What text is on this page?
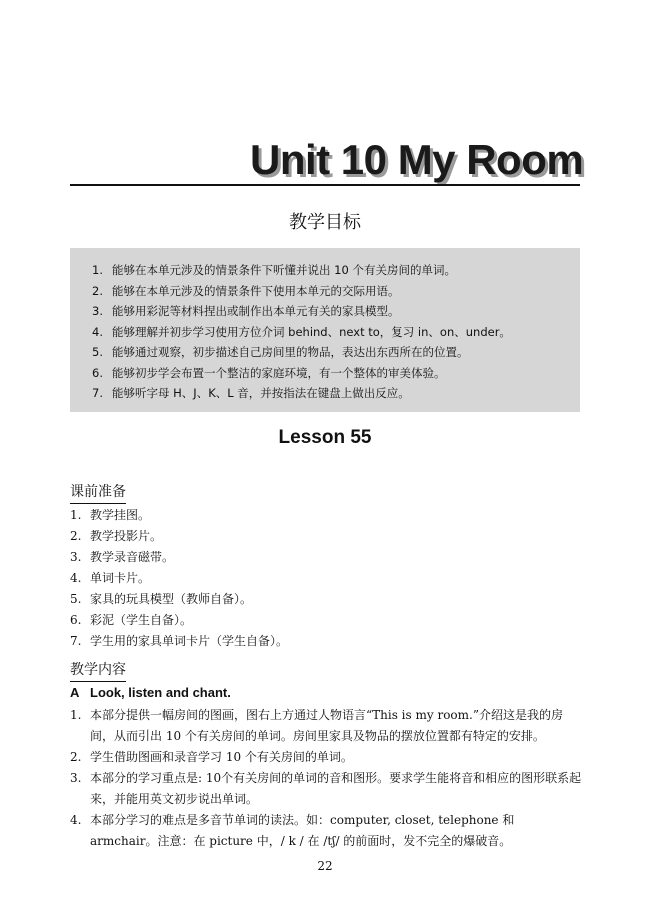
Unit 10 My Room
教学目标
1. 能够在本单元涉及的情景条件下听懂并说出 10 个有关房间的单词。
2. 能够在本单元涉及的情景条件下使用本单元的交际用语。
3. 能够用彩泥等材料捏出或制作出本单元有关的家具模型。
4. 能够理解并初步学习使用方位介词 behind、next to，复习 in、on、under。
5. 能够通过观察，初步描述自己房间里的物品，表达出东西所在的位置。
6. 能够初步学会布置一个整洁的家庭环境，有一个整体的审美体验。
7. 能够听字母 H、J、K、L 音，并按指法在键盘上做出反应。
Lesson 55
课前准备
1. 教学挂图。
2. 教学投影片。
3. 教学录音磁带。
4. 单词卡片。
5. 家具的玩具模型（教师自备）。
6. 彩泥（学生自备）。
7. 学生用的家具单词卡片（学生自备）。
教学内容
A Look, listen and chant.
1. 本部分提供一幅房间的图画，图右上方通过人物语言“This is my room.”介绍这是我的房间，从而引出 10 个有关房间的单词。房间里家具及物品的摆放位置都有特定的安排。
2. 学生借助图画和录音学习 10 个有关房间的单词。
3. 本部分的学习重点是: 10个有关房间的单词的音和图形。要求学生能将音和相应的图形联系起来，并能用英文初步说出单词。
4. 本部分学习的难点是多音节单词的读法。如：computer, closet, telephone 和 armchair。注意：在 picture 中，/ k / 在 /tʃ/ 的前面时，发不完全的爆破音。

22
